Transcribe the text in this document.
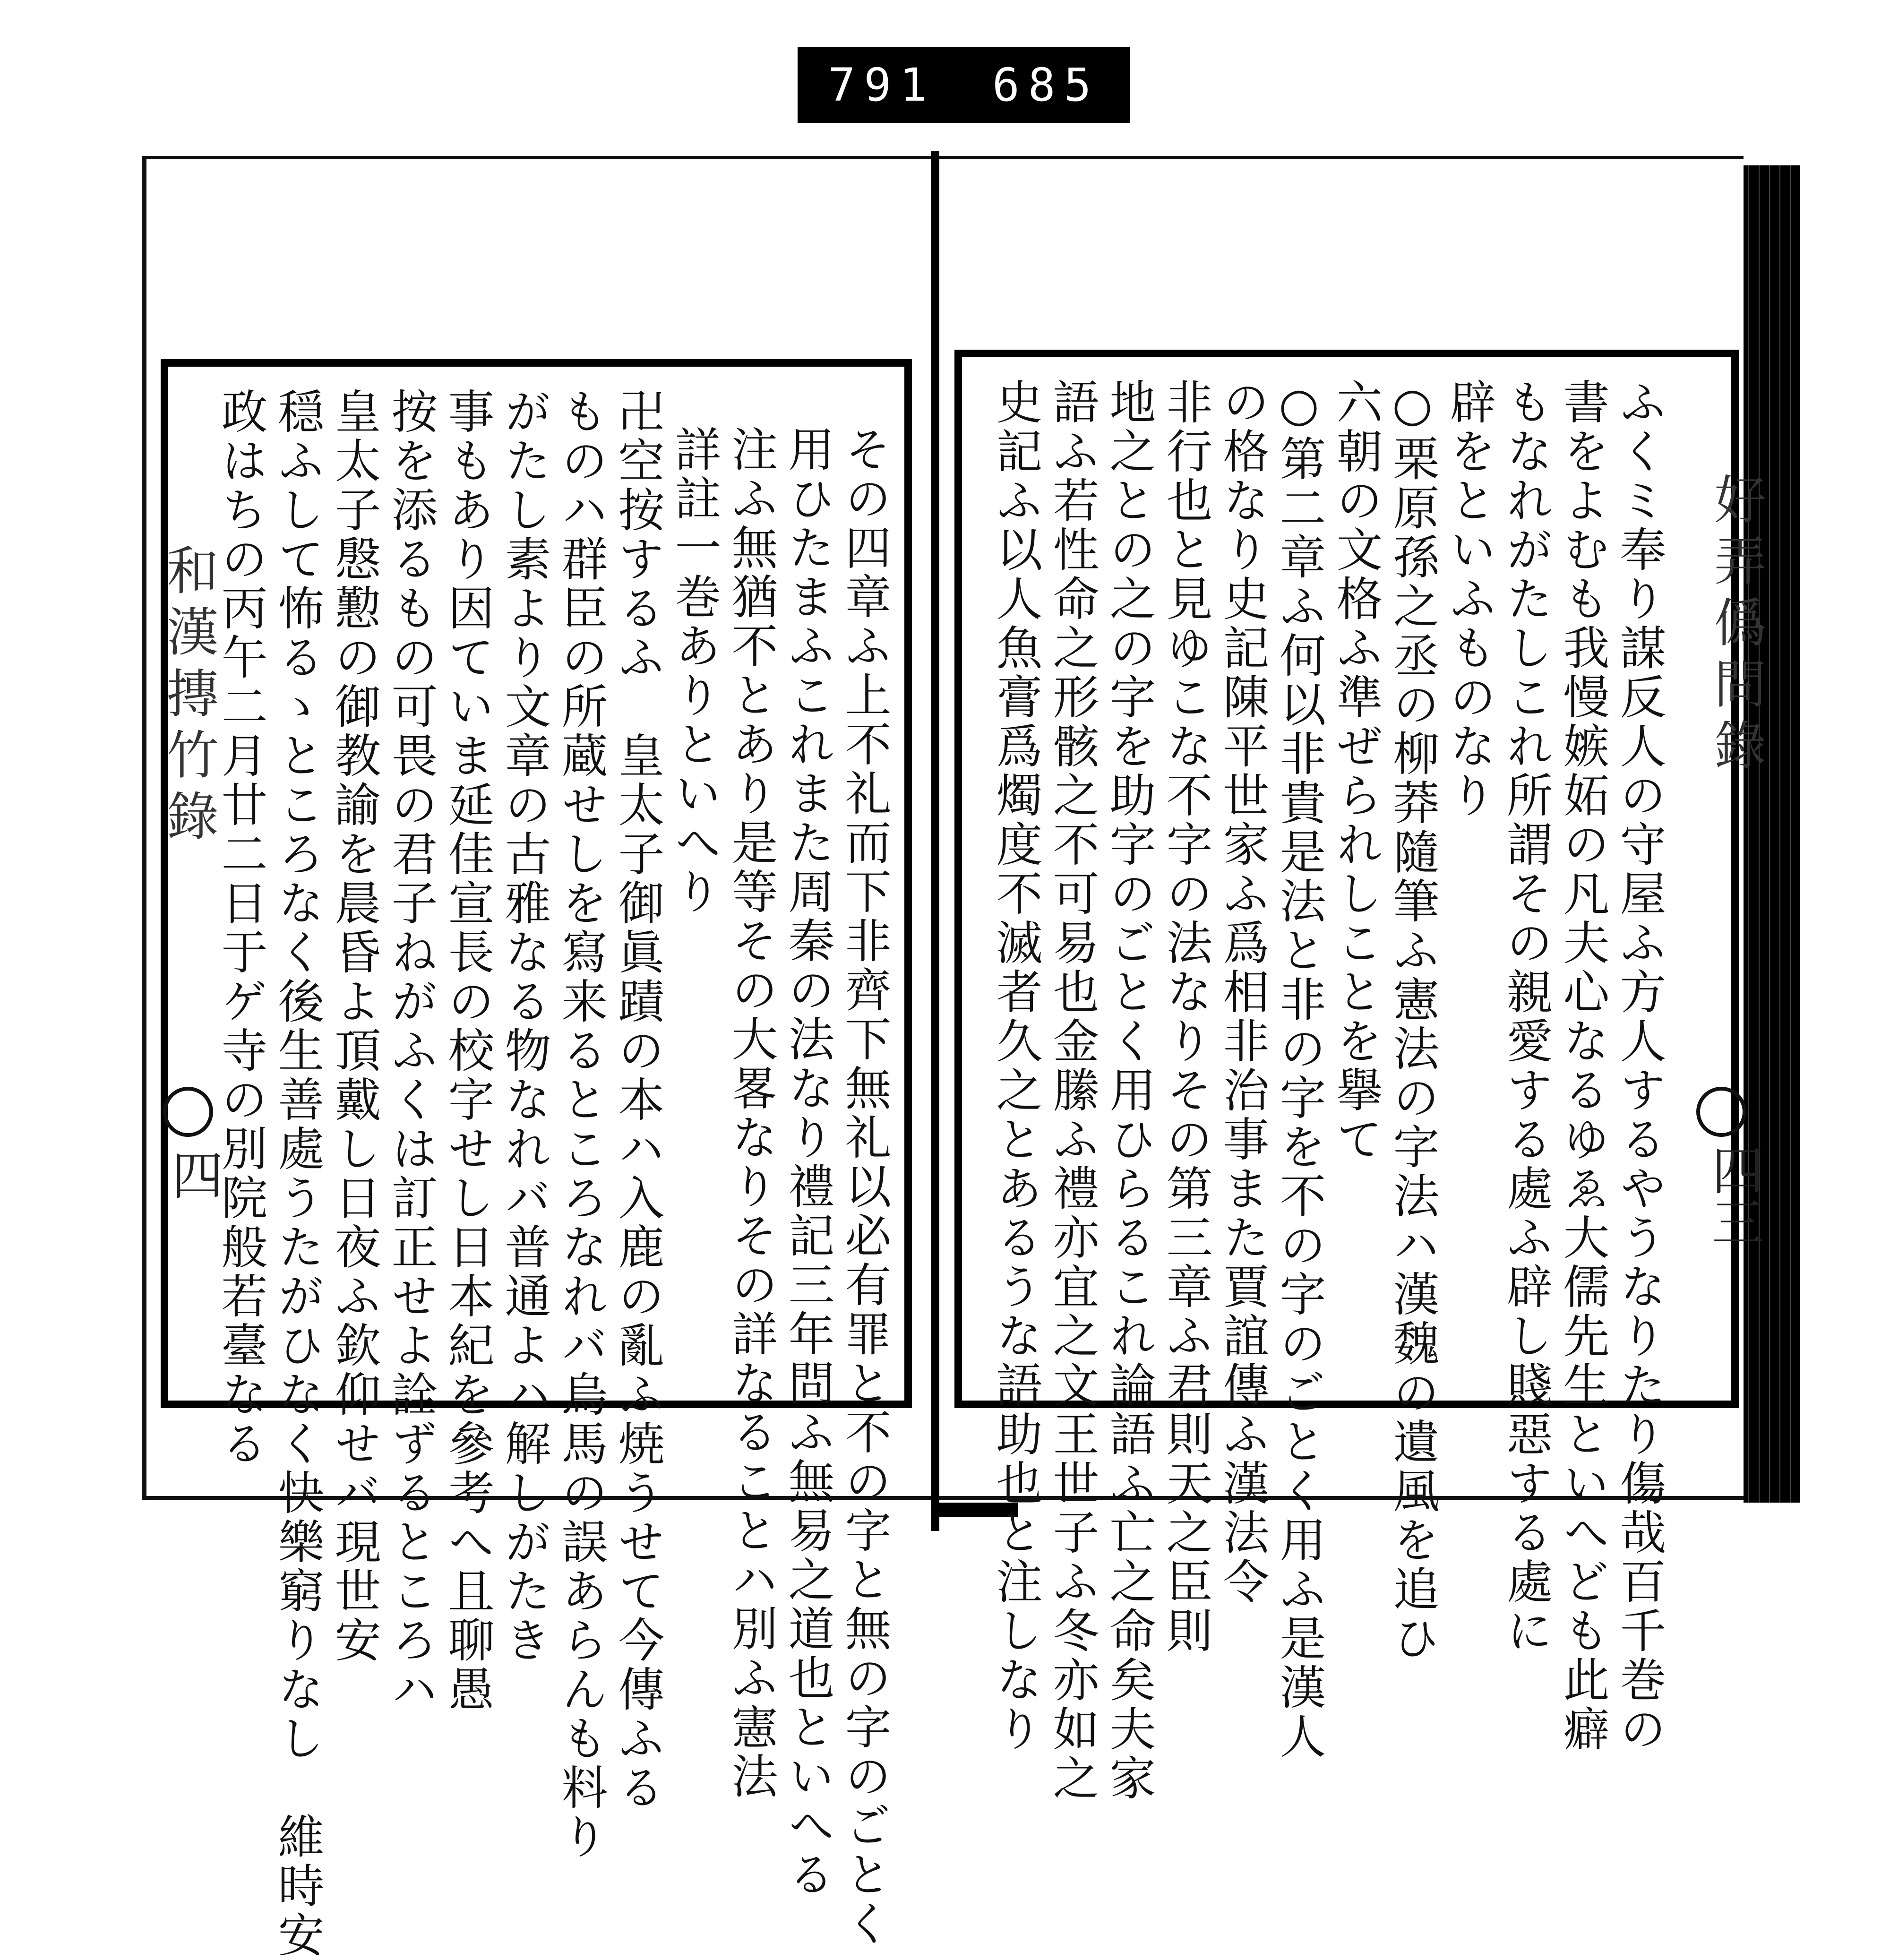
791 685
和漢摶竹錄
四	その四章ふ上不礼而下非齊下無礼以必有罪と不の字と無の字のごとく
用ひたまふこれまた周秦の法なり禮記三年問ふ無易之道也といへる
注ふ無猶不とあり是等その大畧なりその詳なることハ別ふ憲法
詳註一巻ありといへり
卍空按するふ　皇太子御眞蹟の本ハ入鹿の亂ふ焼うせて今傳ふる
ものハ群臣の所蔵せしを寫来るところなれバ烏馬の誤あらんも料り
がたし素より文章の古雅なる物なれバ普通よハ解しがたき
事もあり因ていま延佳宣長の校字せし日本紀を參考へ且聊愚
按を添るもの可畏の君子ねがふくは訂正せよ詮ずるところハ
皇太子慇懃の御教諭を晨昏よ頂戴し日夜ふ欽仰せバ現世安
穏ふして怖るゝところなく後生善處うたがひなく快樂窮りなし　維時安
政はちの丙午二月廿二日于ゲ寺の別院般若臺なる	好弄僞問錄
四三
ふくミ奉り謀反人の守屋ふ方人するやうなりたり傷哉百千巻の
書をよむも我慢嫉妬の凡夫心なるゆゑ大儒先生といへども此癖
もなれがたしこれ所謂その親愛する處ふ辟し賤惡する處に
辟をといふものなり
○栗原孫之丞の柳莽隨筆ふ憲法の字法ハ漢魏の遺風を追ひ
六朝の文格ふ準ぜられしことを擧て
○第二章ふ何以非貴是法と非の字を不の字のごとく用ふ是漢人
の格なり史記陳平世家ふ爲相非治事また賈誼傳ふ漢法令
非行也と見ゆこな不字の法なりその第三章ふ君則天之臣則
地之との之の字を助字のごとく用ひらるこれ論語ふ亡之命矣夫家
語ふ若性命之形骸之不可易也金縢ふ禮亦宜之文王世子ふ冬亦如之
史記ふ以人魚膏爲燭度不滅者久之とあるうな語助也と注しなり
